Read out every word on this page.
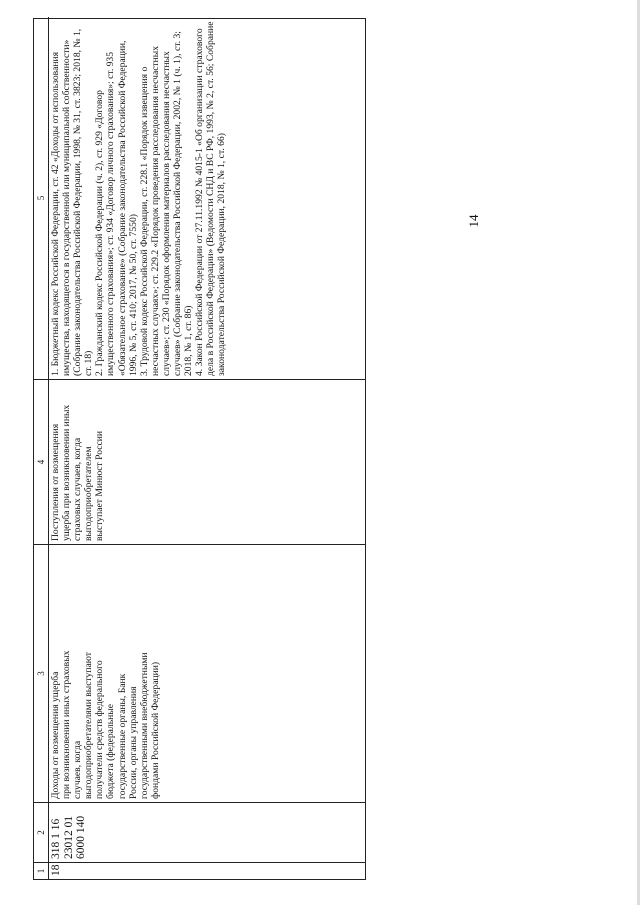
14
1
2
3
4
5
18
318 1 16 23012 01 6000 140
Доходы от возмещения ущерба при возникновении иных страховых случаев, когда выгодоприобретателями выступают получатели средств федерального бюджета (федеральные государственные органы, Банк России, органы управления государственными внебюджетными фондами Российской Федерации)
Поступления от возмещения ущерба при возникновении иных страховых случаев, когда выгодоприобретателем выступает Минюст России
1. Бюджетный кодекс Российской Федерации, ст. 42 «Доходы от использования имущества, находящегося в государственной или муниципальной собственности» (Собрание законодательства Российской Федерации, 1998, № 31, ст. 3823; 2018, № 1, ст. 18) 2. Гражданский кодекс Российской Федерации (ч. 2), ст. 929 «Договор имущественного страхования»; ст. 934 «Договор личного страхования»; ст. 935 «Обязательное страхование» (Собрание законодательства Российской Федерации, 1996, № 5, ст. 410; 2017, № 50, ст. 7550) 3. Трудовой кодекс Российской Федерации, ст. 228.1 «Порядок извещения о несчастных случаях»; ст. 229.2 «Порядок проведения расследования несчастных случаев»; ст. 230 «Порядок оформления материалов расследования несчастных случаев» (Собрание законодательства Российской Федерации, 2002, № 1 (ч. 1), ст. 3; 2018, № 1, ст. 86) 4. Закон Российской Федерации от 27.11.1992 № 4015-1 «Об организации страхового дела в Российской Федерации» (Ведомости СНД и ВС РФ, 1993, № 2, ст. 56; Собрание законодательства Российской Федерации, 2018, № 1, ст. 66)
